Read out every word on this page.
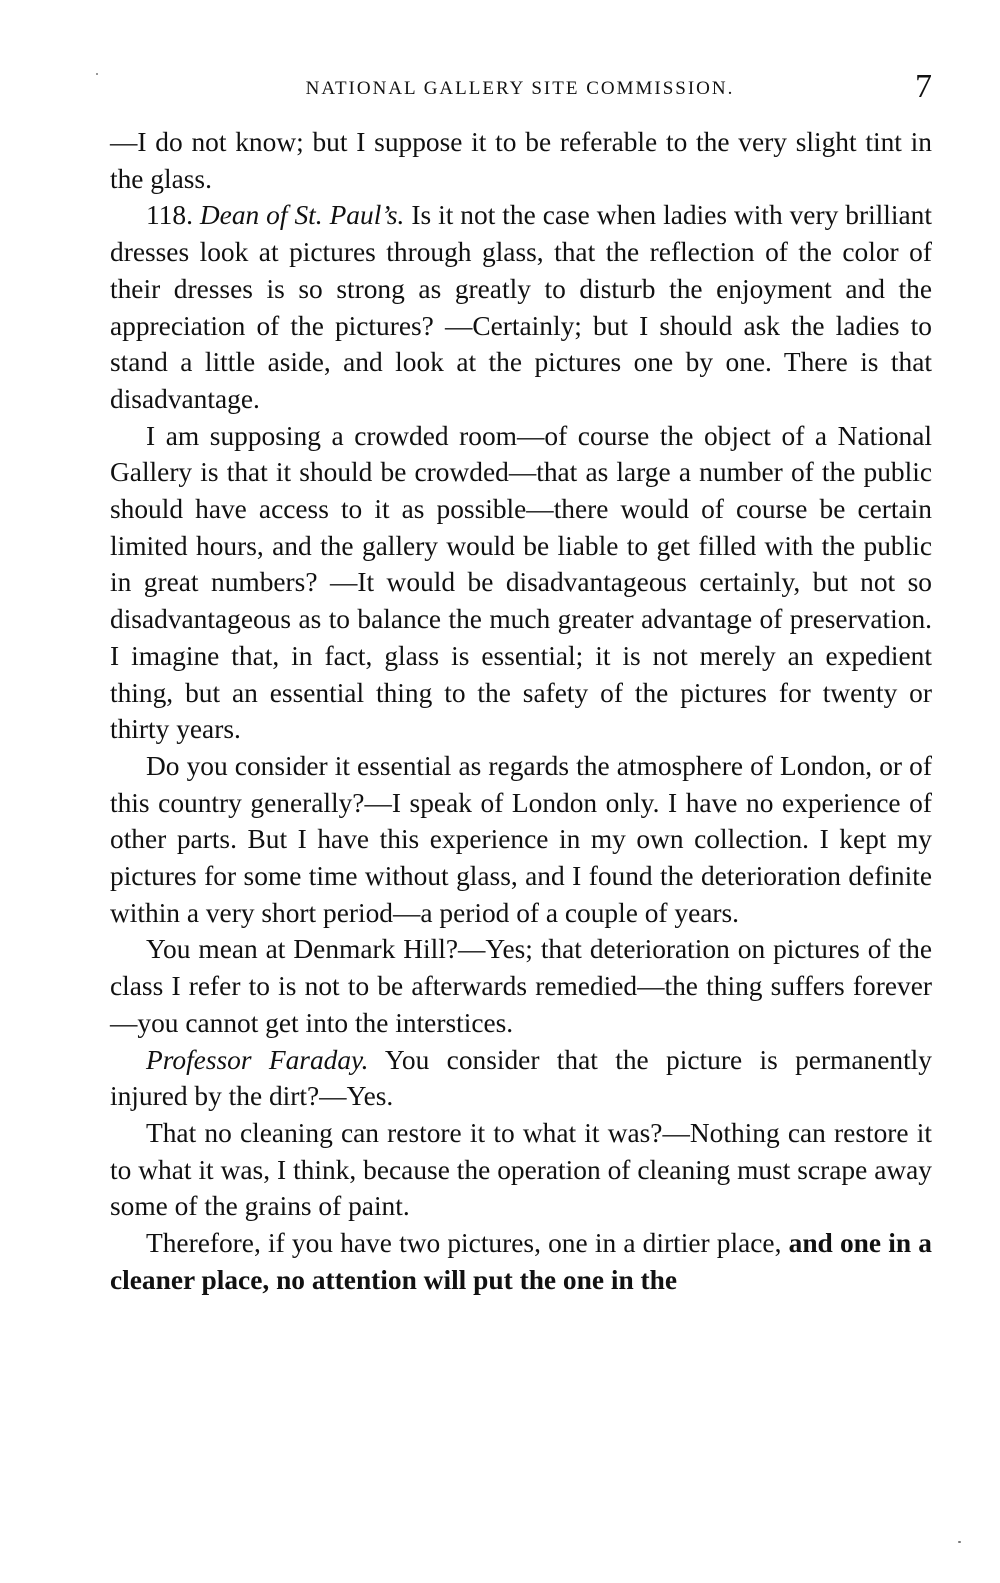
NATIONAL GALLERY SITE COMMISSION.	7

—I do not know; but I suppose it to be referable to the very slight tint in the glass.

118. Dean of St. Paul’s. Is it not the case when ladies with very brilliant dresses look at pictures through glass, that the reflection of the color of their dresses is so strong as greatly to disturb the enjoyment and the appreciation of the pictures? —Certainly; but I should ask the ladies to stand a little aside, and look at the pictures one by one. There is that disadvantage.

I am supposing a crowded room—of course the object of a National Gallery is that it should be crowded—that as large a number of the public should have access to it as possible—there would of course be certain limited hours, and the gallery would be liable to get filled with the public in great numbers? —It would be disadvantageous certainly, but not so disadvantageous as to balance the much greater advantage of preservation. I imagine that, in fact, glass is essential; it is not merely an expedient thing, but an essential thing to the safety of the pictures for twenty or thirty years.

Do you consider it essential as regards the atmosphere of London, or of this country generally?—I speak of London only. I have no experience of other parts. But I have this experience in my own collection. I kept my pictures for some time without glass, and I found the deterioration definite within a very short period—a period of a couple of years.

You mean at Denmark Hill?—Yes; that deterioration on pictures of the class I refer to is not to be afterwards remedied—the thing suffers forever—you cannot get into the interstices.

Professor Faraday. You consider that the picture is permanently injured by the dirt?—Yes.

That no cleaning can restore it to what it was?—Nothing can restore it to what it was, I think, because the operation of cleaning must scrape away some of the grains of paint.

Therefore, if you have two pictures, one in a dirtier place, and one in a cleaner place, no attention will put the one in the
